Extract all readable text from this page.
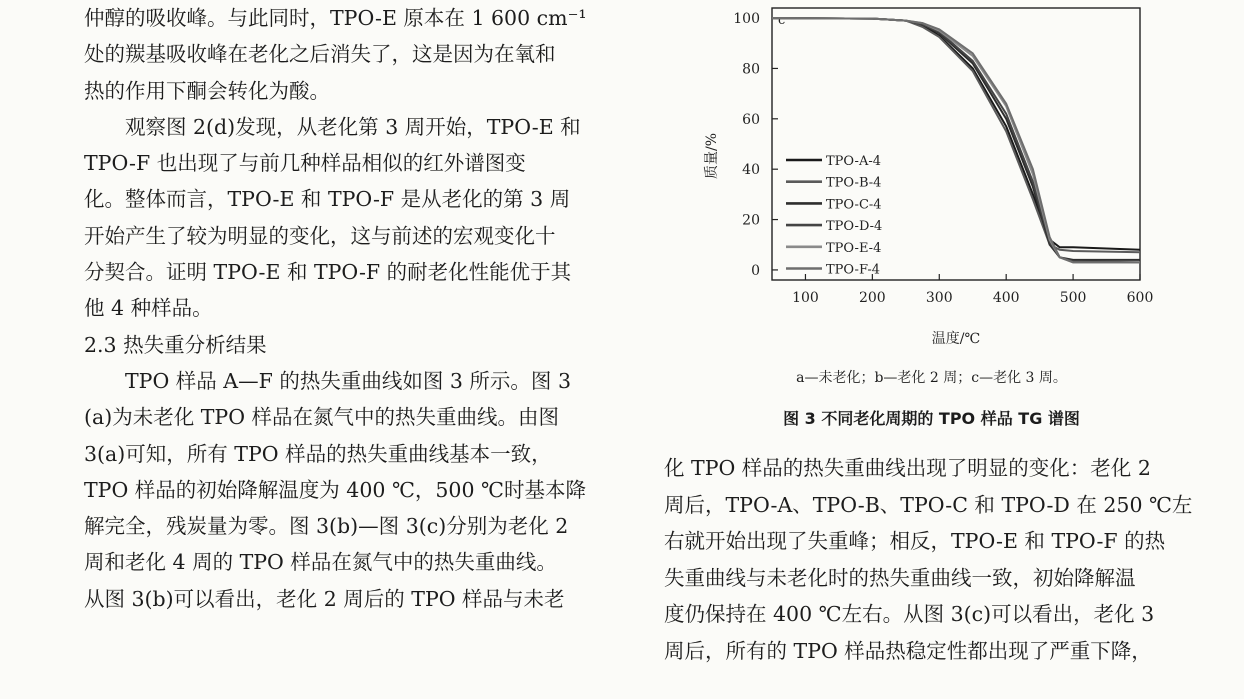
仲醇的吸收峰。与此同时，TPO-E 原本在 1 600 cm⁻¹
处的羰基吸收峰在老化之后消失了，这是因为在氧和
热的作用下酮会转化为酸。
观察图 2(d)发现，从老化第 3 周开始，TPO-E 和
TPO-F 也出现了与前几种样品相似的红外谱图变
化。整体而言，TPO-E 和 TPO-F 是从老化的第 3 周
开始产生了较为明显的变化，这与前述的宏观变化十
分契合。证明 TPO-E 和 TPO-F 的耐老化性能优于其
他 4 种样品。
2.3 热失重分析结果
TPO 样品 A—F 的热失重曲线如图 3 所示。图 3
(a)为未老化 TPO 样品在氮气中的热失重曲线。由图
3(a)可知，所有 TPO 样品的热失重曲线基本一致，
TPO 样品的初始降解温度为 400 ℃，500 ℃时基本降
解完全，残炭量为零。图 3(b)—图 3(c)分别为老化 2
周和老化 4 周的 TPO 样品在氮气中的热失重曲线。
从图 3(b)可以看出，老化 2 周后的 TPO 样品与未老
100	200	300	400	500	600
0
20
40
60
80
100
温度/℃
质量/%
c
TPO-A-4
TPO-B-4
TPO-C-4
TPO-D-4
TPO-E-4
TPO-F-4
a—未老化；b—老化 2 周；c—老化 3 周。
图 3 不同老化周期的 TPO 样品 TG 谱图
化 TPO 样品的热失重曲线出现了明显的变化：老化 2
周后，TPO-A、TPO-B、TPO-C 和 TPO-D 在 250 ℃左
右就开始出现了失重峰；相反，TPO-E 和 TPO-F 的热
失重曲线与未老化时的热失重曲线一致，初始降解温
度仍保持在 400 ℃左右。从图 3(c)可以看出，老化 3
周后，所有的 TPO 样品热稳定性都出现了严重下降，
